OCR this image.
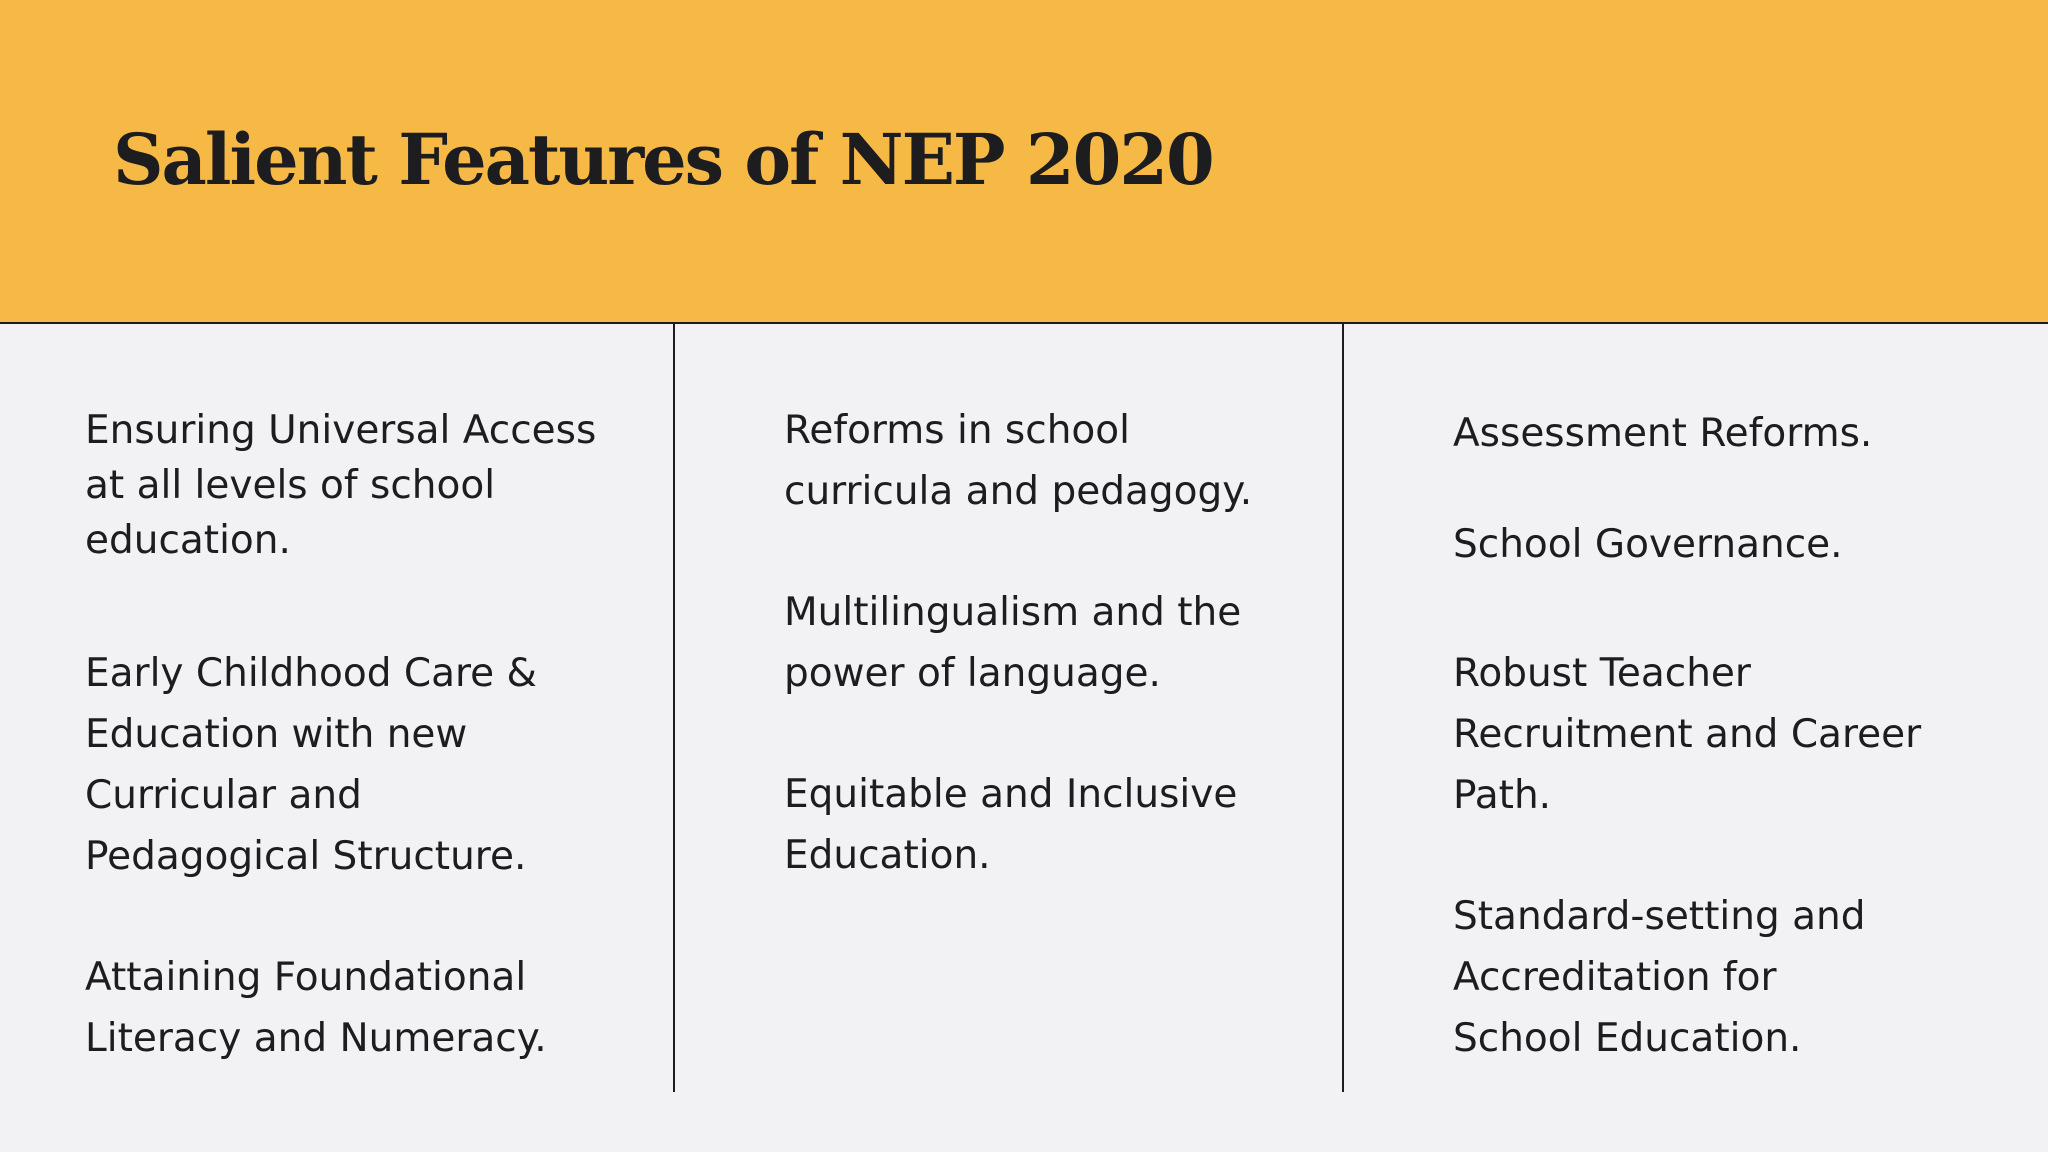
Salient Features of NEP 2020
Ensuring Universal Access
at all levels of school
education.
Early Childhood Care &
Education with new
Curricular and
Pedagogical Structure.
Attaining Foundational
Literacy and Numeracy.
Reforms in school
curricula and pedagogy.
Multilingualism and the
power of language.
Equitable and Inclusive
Education.
Assessment Reforms.
School Governance.
Robust Teacher
Recruitment and Career
Path.
Standard-setting and
Accreditation for
School Education.
